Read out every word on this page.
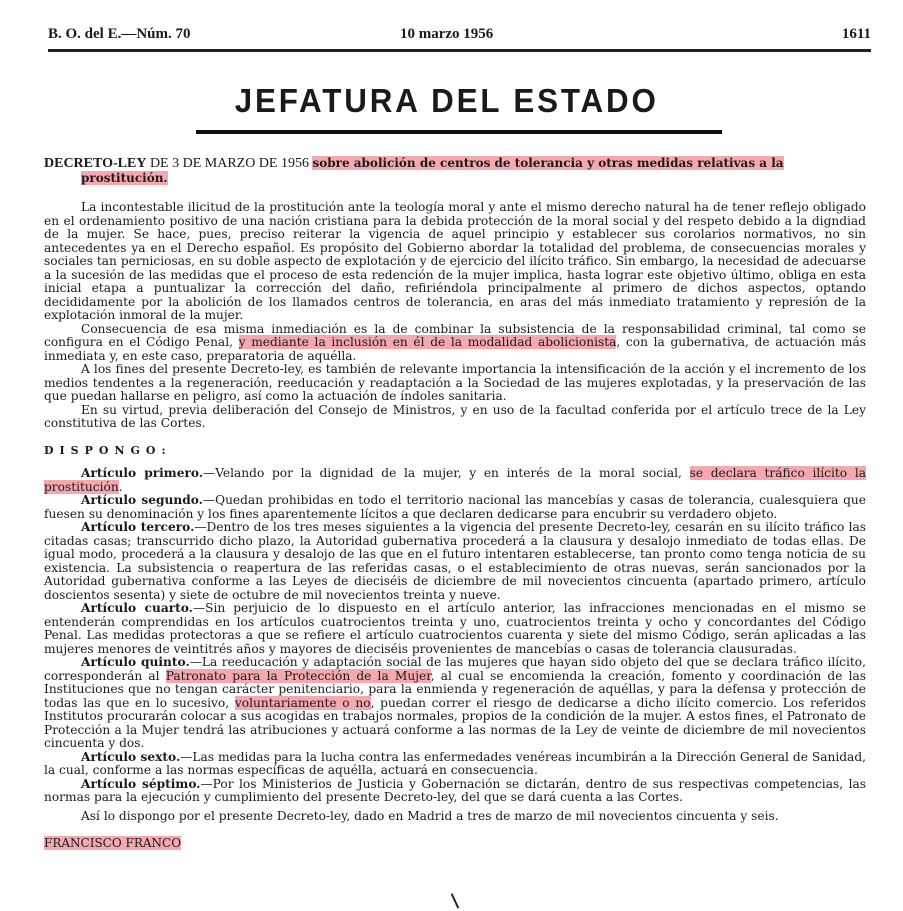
B. O. del E.—Núm. 70	10 marzo 1956	1611
JEFATURA DEL ESTADO

DECRETO-LEY DE 3 DE MARZO DE 1956 sobre abolición de centros de tolerancia y otras medidas relativas a la
prostitución.

La incontestable ilicitud de la prostitución ante la teología moral y ante el mismo derecho natural ha de tener reflejo obligado en el ordenamiento positivo de una nación cristiana para la debida protección de la moral social y del respeto debido a la digndiad de la mujer. Se hace, pues, preciso reiterar la vigencia de aquel principio y establecer sus corolarios normativos, no sin antecedentes ya en el Derecho español. Es propósito del Gobierno abordar la totalidad del problema, de consecuencias morales y sociales tan perniciosas, en su doble aspecto de explotación y de ejercicio del ilícito tráfico. Sin embargo, la necesidad de adecuarse a la sucesión de las medidas que el proceso de esta redención de la mujer implica, hasta lograr este objetivo último, obliga en esta inicial etapa a puntualizar la corrección del daño, refiriéndola principalmente al primero de dichos aspectos, optando decididamente por la abolición de los llamados centros de tolerancia, en aras del más inmediato tratamiento y represión de la explotación inmoral de la mujer.

Consecuencia de esa misma inmediación es la de combinar la subsistencia de la responsabilidad criminal, tal como se configura en el Código Penal, y mediante la inclusión en él de la modalidad abolicionista, con la gubernativa, de actuación más inmediata y, en este caso, preparatoria de aquélla.

A los fines del presente Decreto-ley, es también de relevante importancia la intensificación de la acción y el incremento de los medios tendentes a la regeneración, reeducación y readaptación a la Sociedad de las mujeres explotadas, y la preservación de las que puedan hallarse en peligro, así como la actuación de índoles sanitaria.

En su virtud, previa deliberación del Consejo de Ministros, y en uso de la facultad conferida por el artículo trece de la Ley constitutiva de las Cortes.

DISPONGO:

Artículo primero.—Velando por la dignidad de la mujer, y en interés de la moral social, se declara tráfico ilícito la prostitución.

Artículo segundo.—Quedan prohibidas en todo el territorio nacional las mancebías y casas de tolerancia, cualesquiera que fuesen su denominación y los fines aparentemente lícitos a que declaren dedicarse para encubrir su verdadero objeto.

Artículo tercero.—Dentro de los tres meses siguientes a la vigencia del presente Decreto-ley, cesarán en su ilícito tráfico las citadas casas; transcurrido dicho plazo, la Autoridad gubernativa procederá a la clausura y desalojo inmediato de todas ellas. De igual modo, procederá a la clausura y desalojo de las que en el futuro intentaren establecerse, tan pronto como tenga noticia de su existencia. La subsistencia o reapertura de las referidas casas, o el establecimiento de otras nuevas, serán sancionados por la Autoridad gubernativa conforme a las Leyes de dieciséis de diciembre de mil novecientos cincuenta (apartado primero, artículo doscientos sesenta) y siete de octubre de mil novecientos treinta y nueve.

Artículo cuarto.—Sin perjuicio de lo dispuesto en el artículo anterior, las infracciones mencionadas en el mismo se entenderán comprendidas en los artículos cuatrocientos treinta y uno, cuatrocientos treinta y ocho y concordantes del Código Penal. Las medidas protectoras a que se refiere el artículo cuatrocientos cuarenta y siete del mismo Código, serán aplicadas a las mujeres menores de veintitrés años y mayores de dieciséis provenientes de mancebías o casas de tolerancia clausuradas.

Artículo quinto.—La reeducación y adaptación social de las mujeres que hayan sido objeto del que se declara tráfico ilícito, corresponderán al Patronato para la Protección de la Mujer, al cual se encomienda la creación, fomento y coordinación de las Instituciones que no tengan carácter penitenciario, para la enmienda y regeneración de aquéllas, y para la defensa y protección de todas las que en lo sucesivo, voluntariamente o no, puedan correr el riesgo de dedicarse a dicho ilícito comercio. Los referidos Institutos procurarán colocar a sus acogidas en trabajos normales, propios de la condición de la mujer. A estos fines, el Patronato de Protección a la Mujer tendrá las atribuciones y actuará conforme a las normas de la Ley de veinte de diciembre de mil novecientos cincuenta y dos.

Artículo sexto.—Las medidas para la lucha contra las enfermedades venéreas incumbirán a la Dirección General de Sanidad, la cual, conforme a las normas específicas de aquélla, actuará en consecuencia.

Artículo séptimo.—Por los Ministerios de Justicia y Gobernación se dictarán, dentro de sus respectivas competencias, las normas para la ejecución y cumplimiento del presente Decreto-ley, del que se dará cuenta a las Cortes.

Así lo dispongo por el presente Decreto-ley, dado en Madrid a tres de marzo de mil novecientos cincuenta y seis.

FRANCISCO FRANCO
